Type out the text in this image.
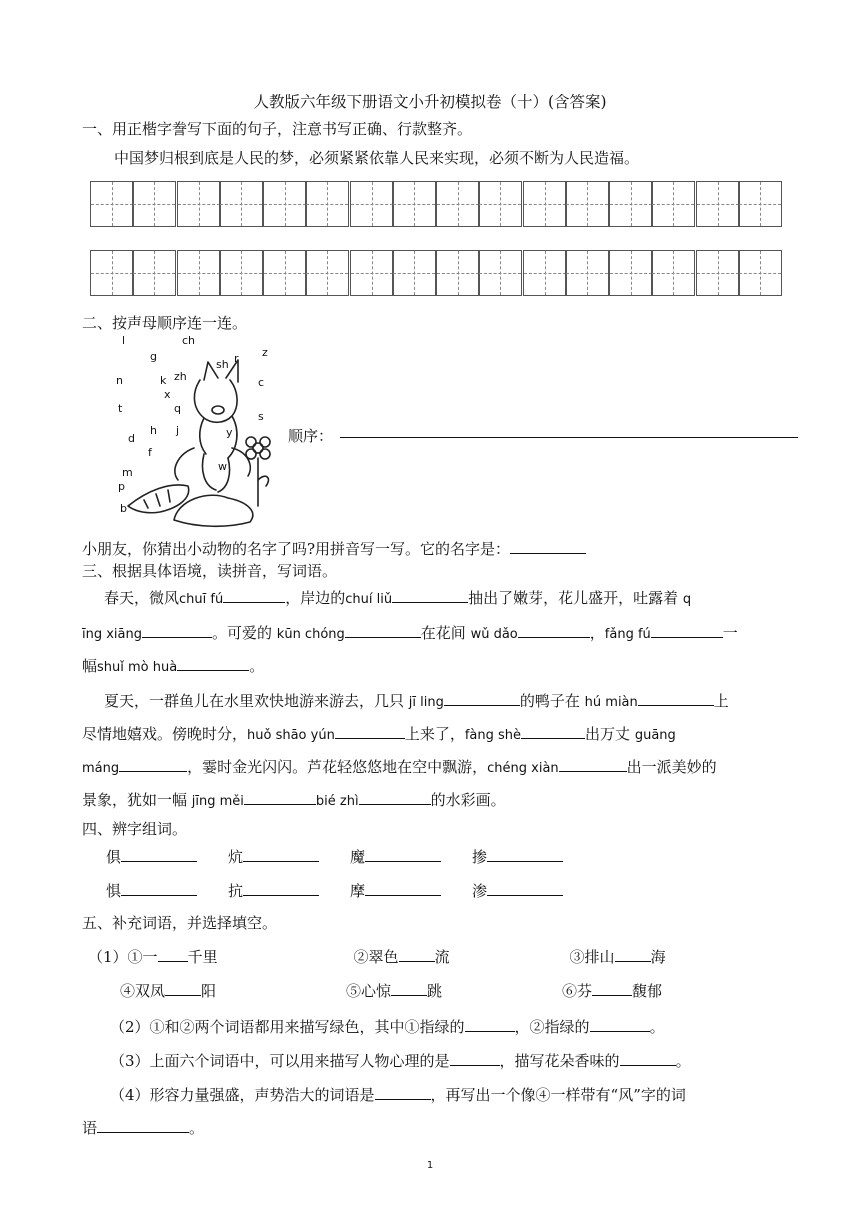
人教版六年级下册语文小升初模拟卷（十）(含答案)
一、用正楷字誊写下面的句子，注意书写正确、行款整齐。
中国梦归根到底是人民的梦，必须紧紧依靠人民来实现，必须不断为人民造福。
二、按声母顺序连一连。
l	ch
g
n	zh
sh r z
k
x
c
t
s
q
h j	y
d
f
w
m
p
b
顺序：
小朋友，你猜出小动物的名字了吗?用拼音写一写。它的名字是：
三、根据具体语境，读拼音，写词语。
春天，微风chuī fú	，岸边的chuí liǔ	抽出了嫩芽，花儿盛开，吐露着 q
īng xiāng	。可爱的 kūn chóng	在花间 wǔ dǎo	，fǎng fú	一
幅shuǐ mò huà	。
夏天，一群鱼儿在水里欢快地游来游去，几只 jī ling	的鸭子在 hú miàn	上
尽情地嬉戏。傍晚时分，huǒ shāo yún	上来了，fàng shè	出万丈 guāng
máng	，霎时金光闪闪。芦花轻悠悠地在空中飘游，chéng xiàn	出一派美妙的
景象，犹如一幅 jīng měi	bié zhì	的水彩画。
四、辨字组词。
俱	炕	魔	掺
惧	抗	摩	渗
五、补充词语，并选择填空。
（1）①一 千里	②翠色 流	③排山 海
④双凤 阳	⑤心惊 跳	⑥芬	馥郁
（2）①和②两个词语都用来描写绿色，其中①指绿的	，②指绿的	。
（3）上面六个词语中，可以用来描写人物心理的是	，描写花朵香味的	。
（4）形容力量强盛，声势浩大的词语是	，再写出一个像④一样带有“风”字的词
语	。
1
